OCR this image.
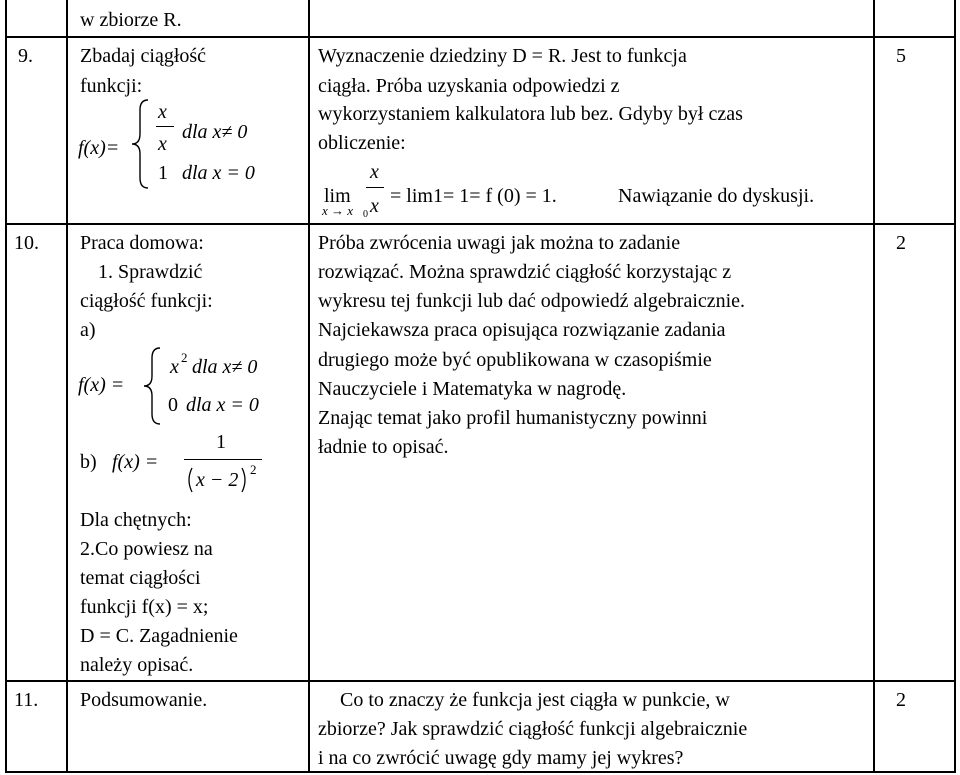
w zbiorze R.
9. Zbadaj ciągłość
funkcji:
f(x)=
x
x
dla x≠ 0
1 dla x = 0
Wyznaczenie dziedziny D = R. Jest to funkcja
ciągła. Próba uzyskania odpowiedzi z
wykorzystaniem kalkulatora lub bez. Gdyby był czas
obliczenie:
lim
x → x 0
x
x = lim1= 1= f (0) = 1.	Nawiązanie do dyskusji.
5
10. Praca domowa:
1. Sprawdzić
ciągłość funkcji:
a)
f(x) =
x 2 dla x≠ 0
0 dla x = 0
b) f(x) =
1
x − 2 2
Dla chętnych:
2.Co powiesz na
temat ciągłości
funkcji f(x) = x;
D = C. Zagadnienie
należy opisać.
Próba zwrócenia uwagi jak można to zadanie
rozwiązać. Można sprawdzić ciągłość korzystając z
wykresu tej funkcji lub dać odpowiedź algebraicznie.
Najciekawsza praca opisująca rozwiązanie zadania
drugiego może być opublikowana w czasopiśmie
Nauczyciele i Matematyka w nagrodę.
Znając temat jako profil humanistyczny powinni
ładnie to opisać.
2
11. Podsumowanie.	Co to znaczy że funkcja jest ciągła w punkcie, w
zbiorze? Jak sprawdzić ciągłość funkcji algebraicznie
i na co zwrócić uwagę gdy mamy jej wykres?
2
